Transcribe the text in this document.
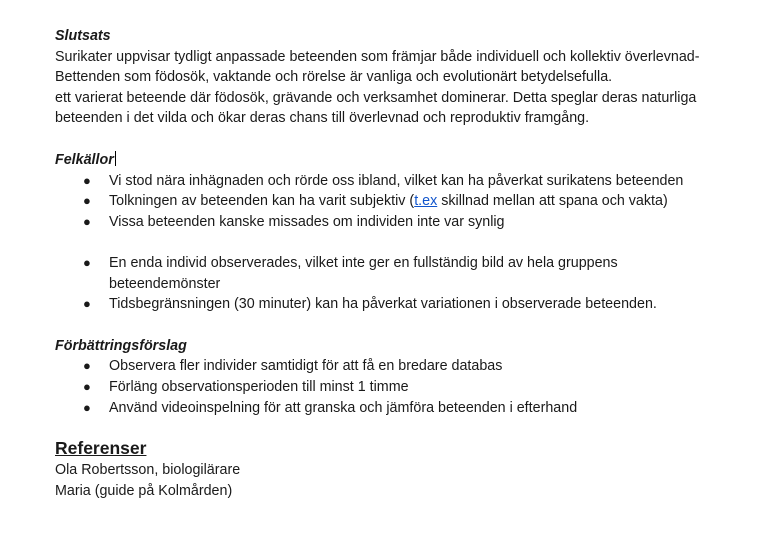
Slutsats

Surikater uppvisar tydligt anpassade beteenden som främjar både individuell och kollektiv överlevnad-

Bettenden som födosök, vaktande och rörelse är vanliga och evolutionärt betydelsefulla.

ett varierat beteende där födosök, grävande och verksamhet dominerar. Detta speglar deras naturliga

beteenden i det vilda och ökar deras chans till överlevnad och reproduktiv framgång.

Felkällor

● Vi stod nära inhägnaden och rörde oss ibland, vilket kan ha påverkat surikatens beteenden
● Tolkningen av beteenden kan ha varit subjektiv (t.ex skillnad mellan att spana och vakta)
● Vissa beteenden kanske missades om individen inte var synlig
● En enda individ observerades, vilket inte ger en fullständig bild av hela gruppens
beteendemönster
● Tidsbegränsningen (30 minuter) kan ha påverkat variationen i observerade beteenden.

Förbättringsförslag

● Observera fler individer samtidigt för att få en bredare databas
● Förläng observationsperioden till minst 1 timme
● Använd videoinspelning för att granska och jämföra beteenden i efterhand

Referenser

Ola Robertsson, biologilärare

Maria (guide på Kolmården)
